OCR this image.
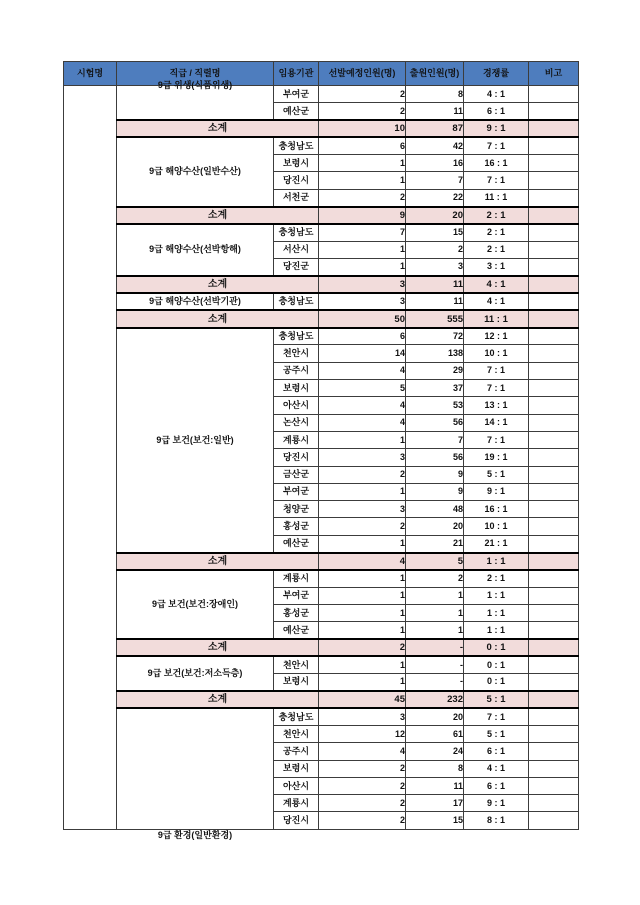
시험명	직급 / 직렬명	임용기관	선발예정인원(명)	출원인원(명)	경쟁률	비고

	9급 위생(식품위생)	부여군	2	8	4 : 1	
		예산군	2	11	6 : 1	
	소계		10	87	9 : 1	
	9급 해양수산(일반수산)	충청남도	6	42	7 : 1	
		보령시	1	16	16 : 1	
		당진시	1	7	7 : 1	
		서천군	2	22	11 : 1	
	소계		9	20	2 : 1	
	9급 해양수산(선박항해)	충청남도	7	15	2 : 1	
		서산시	1	2	2 : 1	
		당진군	1	3	3 : 1	
	소계		3	11	4 : 1	
	9급 해양수산(선박기관)	충청남도	3	11	4 : 1	
	소계		50	555	11 : 1	
	9급 보건(보건:일반)	충청남도	6	72	12 : 1	
		천안시	14	138	10 : 1	
		공주시	4	29	7 : 1	
		보령시	5	37	7 : 1	
		아산시	4	53	13 : 1	
		논산시	4	56	14 : 1	
		계룡시	1	7	7 : 1	
		당진시	3	56	19 : 1	
		금산군	2	9	5 : 1	
		부여군	1	9	9 : 1	
		청양군	3	48	16 : 1	
		홍성군	2	20	10 : 1	
		예산군	1	21	21 : 1	
	소계		4	5	1 : 1	
	9급 보건(보건:장애인)	계룡시	1	2	2 : 1	
		부여군	1	1	1 : 1	
		홍성군	1	1	1 : 1	
		예산군	1	1	1 : 1	
	소계		2	-	0 : 1	
	9급 보건(보건:저소득층)	천안시	1	-	0 : 1	
		보령시	1	-	0 : 1	
	소계		45	232	5 : 1	

	9급 환경(일반환경)	충청남도	3	20	7 : 1	
		천안시	12	61	5 : 1	
		공주시	4	24	6 : 1	
		보령시	2	8	4 : 1	
		아산시	2	11	6 : 1	
		계룡시	2	17	9 : 1	
		당진시	2	15	8 : 1	
